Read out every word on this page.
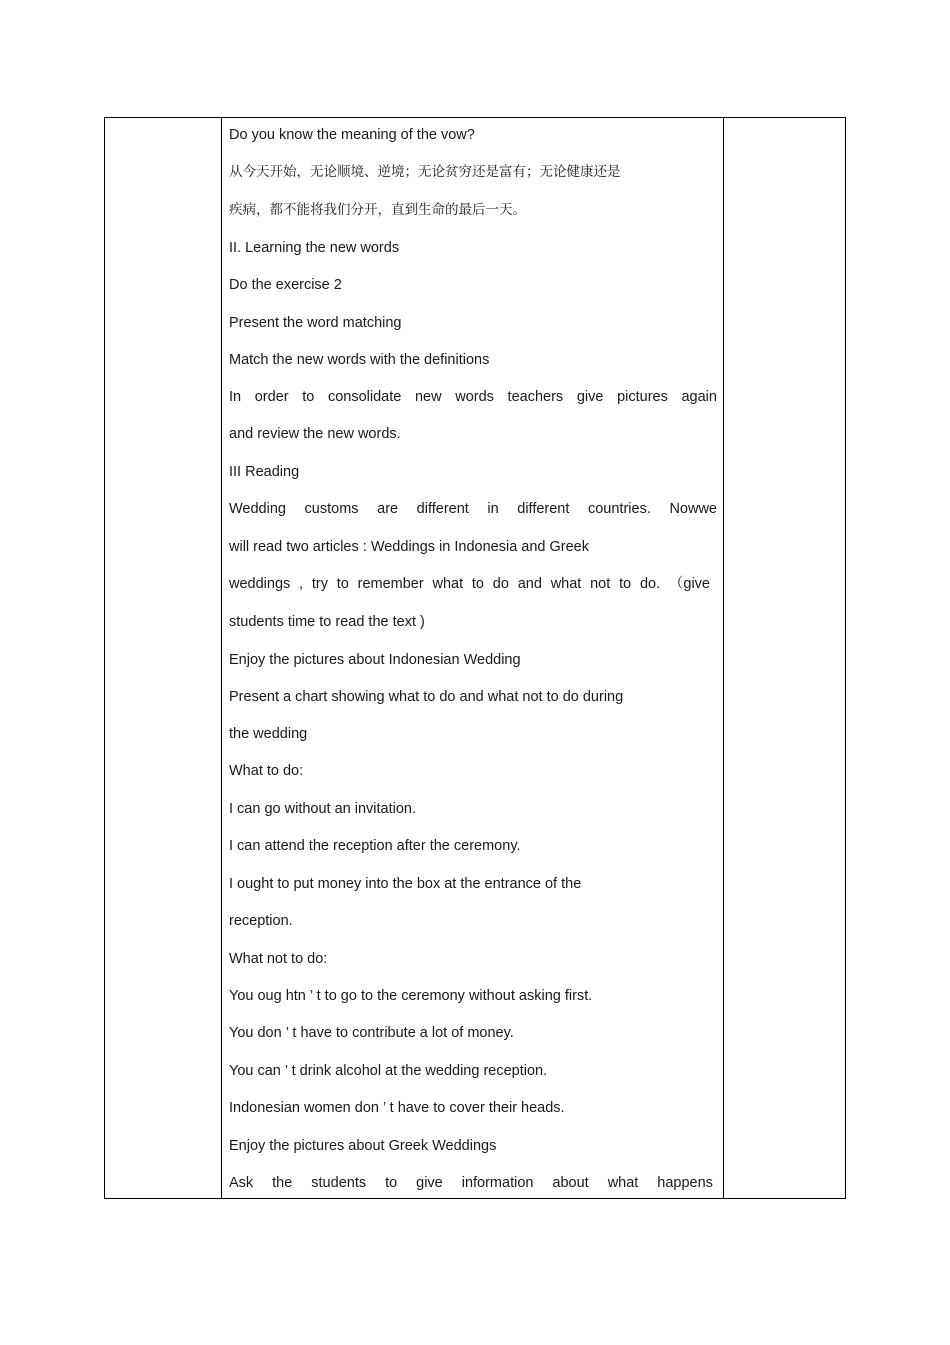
Do you know the meaning of the vow?
从今天开始，无论顺境、逆境；无论贫穷还是富有；无论健康还是
疾病，都不能将我们分开，直到生命的最后一天。
II. Learning the new words
Do the exercise 2
Present the word matching
Match the new words with the definitions
In order to consolidate new words teachers give pictures again
and review the new words.
III Reading
Wedding customs are different in different countries. Nowwe
will read two articles : Weddings in Indonesia and Greek
weddings , try to remember what to do and what not to do. （give
students time to read the text )
Enjoy the pictures about Indonesian Wedding
Present a chart showing what to do and what not to do during
the wedding
What to do:
I can go without an invitation.
I can attend the reception after the ceremony.
I ought to put money into the box at the entrance of the
reception.
What not to do:
You oug htn ’ t to go to the ceremony without asking first.
You don ’ t have to contribute a lot of money.
You can ’ t drink alcohol at the wedding reception.
Indonesian women don ’ t have to cover their heads.
Enjoy the pictures about Greek Weddings
Ask the students to give information about what happens
